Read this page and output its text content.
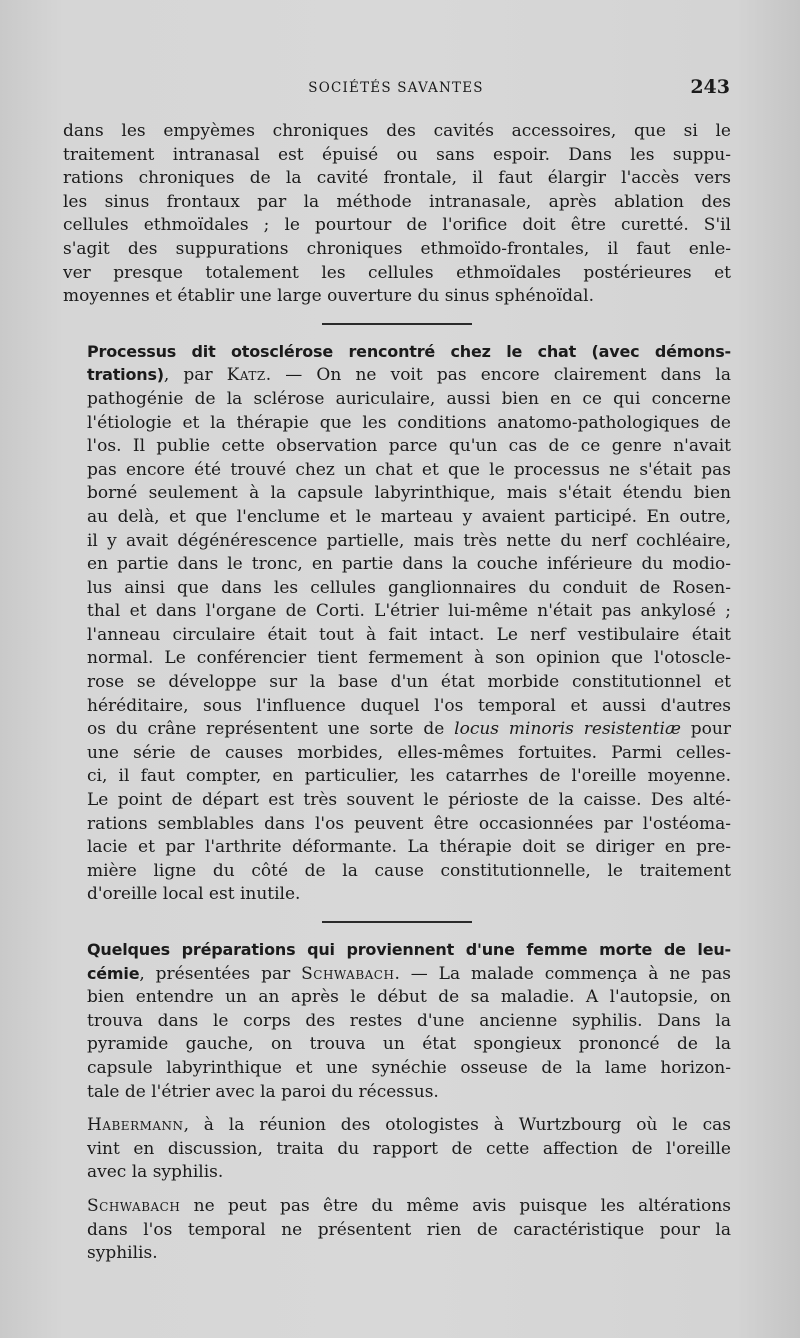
SOCIÉTÉS SAVANTES	243
dans les empyèmes chroniques des cavités accessoires, que si le
traitement intranasal est épuisé ou sans espoir. Dans les suppu-
rations chroniques de la cavité frontale, il faut élargir l'accès vers
les sinus frontaux par la méthode intranasale, après ablation des
cellules ethmoïdales ; le pourtour de l'orifice doit être curetté. S'il
s'agit des suppurations chroniques ethmoïdo-frontales, il faut enle-
ver presque totalement les cellules ethmoïdales postérieures et
moyennes et établir une large ouverture du sinus sphénoïdal.
Processus dit otosclérose rencontré chez le chat (avec démons-
trations), par Katz. — On ne voit pas encore clairement dans la
pathogénie de la sclérose auriculaire, aussi bien en ce qui concerne
l'étiologie et la thérapie que les conditions anatomo-pathologiques de
l'os. Il publie cette observation parce qu'un cas de ce genre n'avait
pas encore été trouvé chez un chat et que le processus ne s'était pas
borné seulement à la capsule labyrinthique, mais s'était étendu bien
au delà, et que l'enclume et le marteau y avaient participé. En outre,
il y avait dégénérescence partielle, mais très nette du nerf cochléaire,
en partie dans le tronc, en partie dans la couche inférieure du modio-
lus ainsi que dans les cellules ganglionnaires du conduit de Rosen-
thal et dans l'organe de Corti. L'étrier lui-même n'était pas ankylosé ;
l'anneau circulaire était tout à fait intact. Le nerf vestibulaire était
normal. Le conférencier tient fermement à son opinion que l'otoscle-
rose se développe sur la base d'un état morbide constitutionnel et
héréditaire, sous l'influence duquel l'os temporal et aussi d'autres
os du crâne représentent une sorte de locus minoris resistentiæ pour
une série de causes morbides, elles-mêmes fortuites. Parmi celles-
ci, il faut compter, en particulier, les catarrhes de l'oreille moyenne.
Le point de départ est très souvent le périoste de la caisse. Des alté-
rations semblables dans l'os peuvent être occasionnées par l'ostéoma-
lacie et par l'arthrite déformante. La thérapie doit se diriger en pre-
mière ligne du côté de la cause constitutionnelle, le traitement
d'oreille local est inutile.
Quelques préparations qui proviennent d'une femme morte de leu-
cémie, présentées par Schwabach. — La malade commença à ne pas
bien entendre un an après le début de sa maladie. A l'autopsie, on
trouva dans le corps des restes d'une ancienne syphilis. Dans la
pyramide gauche, on trouva un état spongieux prononcé de la
capsule labyrinthique et une synéchie osseuse de la lame horizon-
tale de l'étrier avec la paroi du récessus.
Habermann, à la réunion des otologistes à Wurtzbourg où le cas
vint en discussion, traita du rapport de cette affection de l'oreille
avec la syphilis.
Schwabach ne peut pas être du même avis puisque les altérations
dans l'os temporal ne présentent rien de caractéristique pour la
syphilis.
